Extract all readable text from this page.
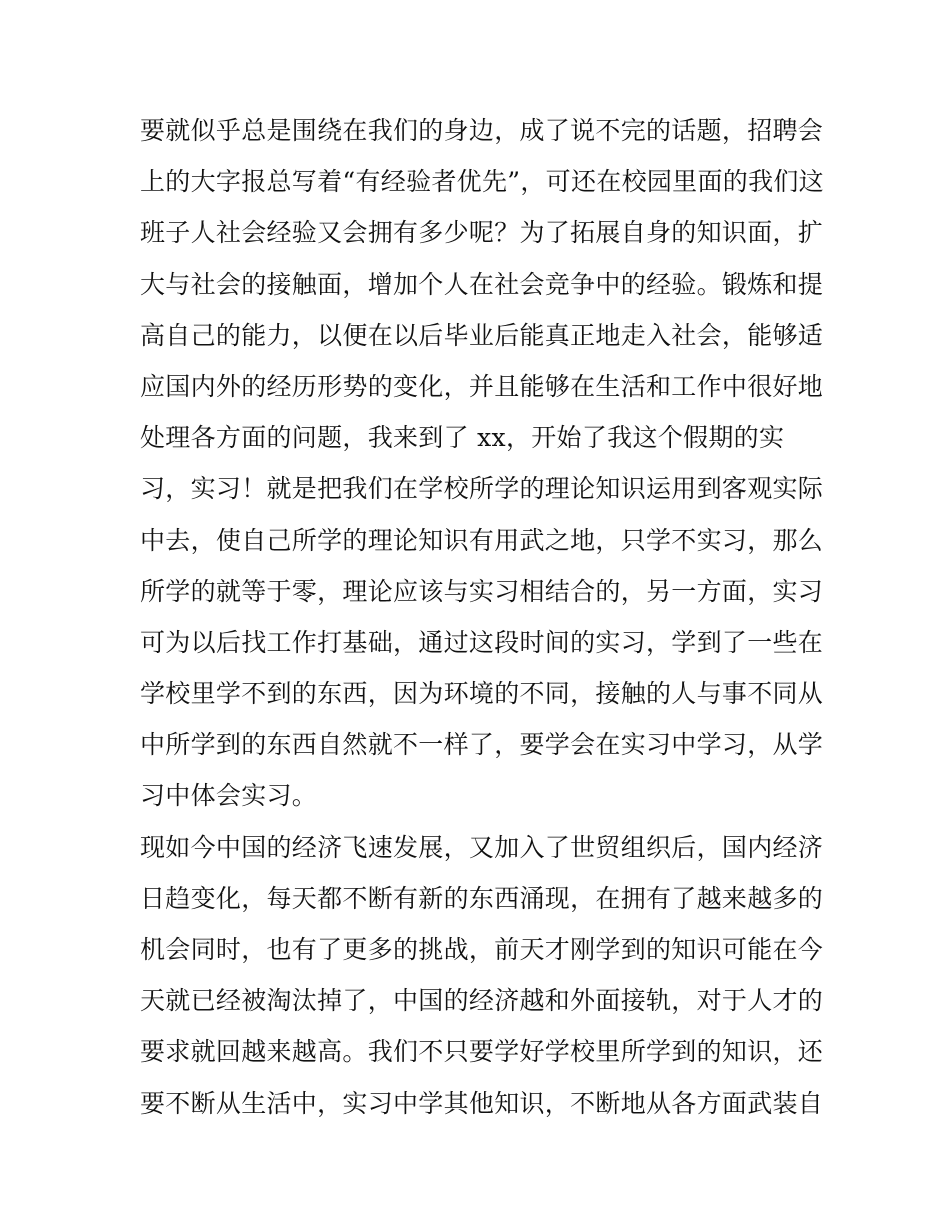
要就似乎总是围绕在我们的身边，成了说不完的话题，招聘会
上的大字报总写着“有经验者优先”，可还在校园里面的我们这
班子人社会经验又会拥有多少呢？为了拓展自身的知识面，扩
大与社会的接触面，增加个人在社会竞争中的经验。锻炼和提
高自己的能力，以便在以后毕业后能真正地走入社会，能够适
应国内外的经历形势的变化，并且能够在生活和工作中很好地
处理各方面的问题，我来到了 xx，开始了我这个假期的实
习，实习！就是把我们在学校所学的理论知识运用到客观实际
中去，使自己所学的理论知识有用武之地，只学不实习，那么
所学的就等于零，理论应该与实习相结合的，另一方面，实习
可为以后找工作打基础，通过这段时间的实习，学到了一些在
学校里学不到的东西，因为环境的不同，接触的人与事不同从
中所学到的东西自然就不一样了，要学会在实习中学习，从学
习中体会实习。
现如今中国的经济飞速发展，又加入了世贸组织后，国内经济
日趋变化，每天都不断有新的东西涌现，在拥有了越来越多的
机会同时，也有了更多的挑战，前天才刚学到的知识可能在今
天就已经被淘汰掉了，中国的经济越和外面接轨，对于人才的
要求就回越来越高。我们不只要学好学校里所学到的知识，还
要不断从生活中，实习中学其他知识，不断地从各方面武装自
